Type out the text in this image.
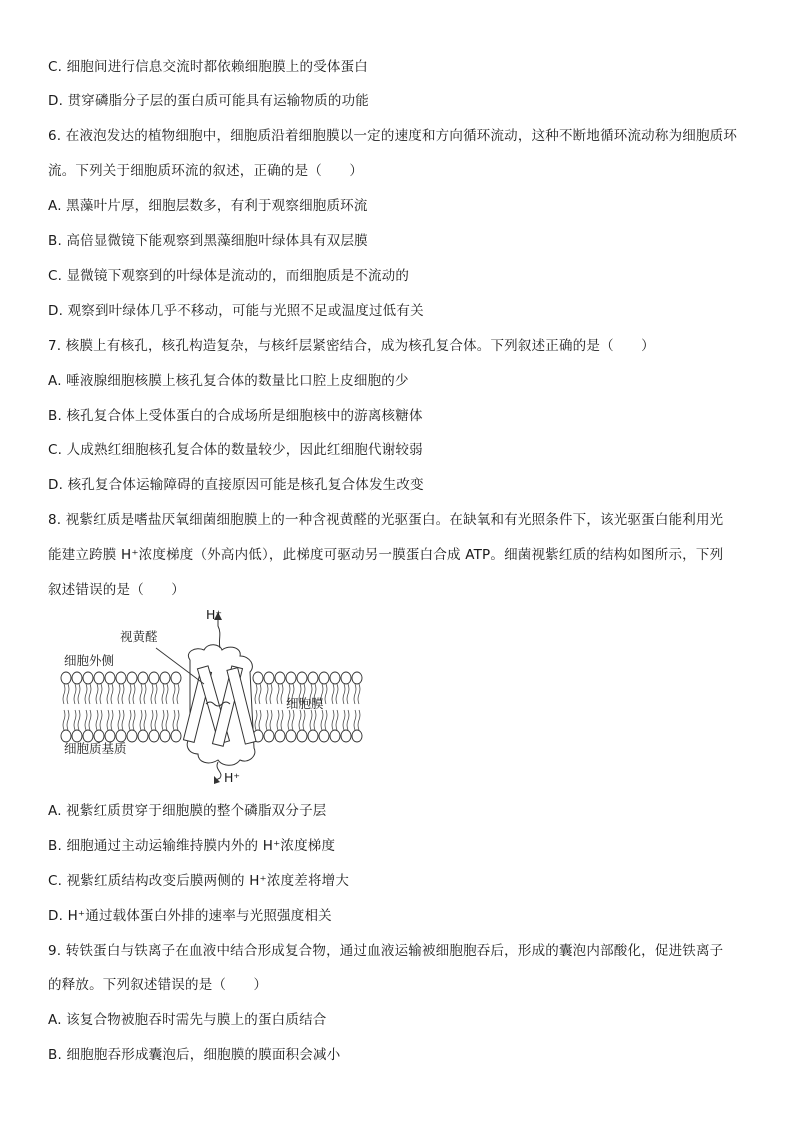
C. 细胞间进行信息交流时都依赖细胞膜上的受体蛋白
D. 贯穿磷脂分子层的蛋白质可能具有运输物质的功能
6. 在液泡发达的植物细胞中，细胞质沿着细胞膜以一定的速度和方向循环流动，这种不断地循环流动称为细胞质环
流。下列关于细胞质环流的叙述，正确的是（　　）
A. 黑藻叶片厚，细胞层数多，有利于观察细胞质环流
B. 高倍显微镜下能观察到黑藻细胞叶绿体具有双层膜
C. 显微镜下观察到的叶绿体是流动的，而细胞质是不流动的
D. 观察到叶绿体几乎不移动，可能与光照不足或温度过低有关
7. 核膜上有核孔，核孔构造复杂，与核纤层紧密结合，成为核孔复合体。下列叙述正确的是（　　）
A. 唾液腺细胞核膜上核孔复合体的数量比口腔上皮细胞的少
B. 核孔复合体上受体蛋白的合成场所是细胞核中的游离核糖体
C. 人成熟红细胞核孔复合体的数量较少，因此红细胞代谢较弱
D. 核孔复合体运输障碍的直接原因可能是核孔复合体发生改变
8. 视紫红质是嗜盐厌氧细菌细胞膜上的一种含视黄醛的光驱蛋白。在缺氧和有光照条件下，该光驱蛋白能利用光
能建立跨膜 H⁺浓度梯度（外高内低），此梯度可驱动另一膜蛋白合成 ATP。细菌视紫红质的结构如图所示，下列
叙述错误的是（　　）
视黄醛
细胞外侧
细胞膜
细胞质基质
H⁺
H⁺
A. 视紫红质贯穿于细胞膜的整个磷脂双分子层
B. 细胞通过主动运输维持膜内外的 H⁺浓度梯度
C. 视紫红质结构改变后膜两侧的 H⁺浓度差将增大
D. H⁺通过载体蛋白外排的速率与光照强度相关
9. 转铁蛋白与铁离子在血液中结合形成复合物，通过血液运输被细胞胞吞后，形成的囊泡内部酸化，促进铁离子
的释放。下列叙述错误的是（　　）
A. 该复合物被胞吞时需先与膜上的蛋白质结合
B. 细胞胞吞形成囊泡后，细胞膜的膜面积会减小
